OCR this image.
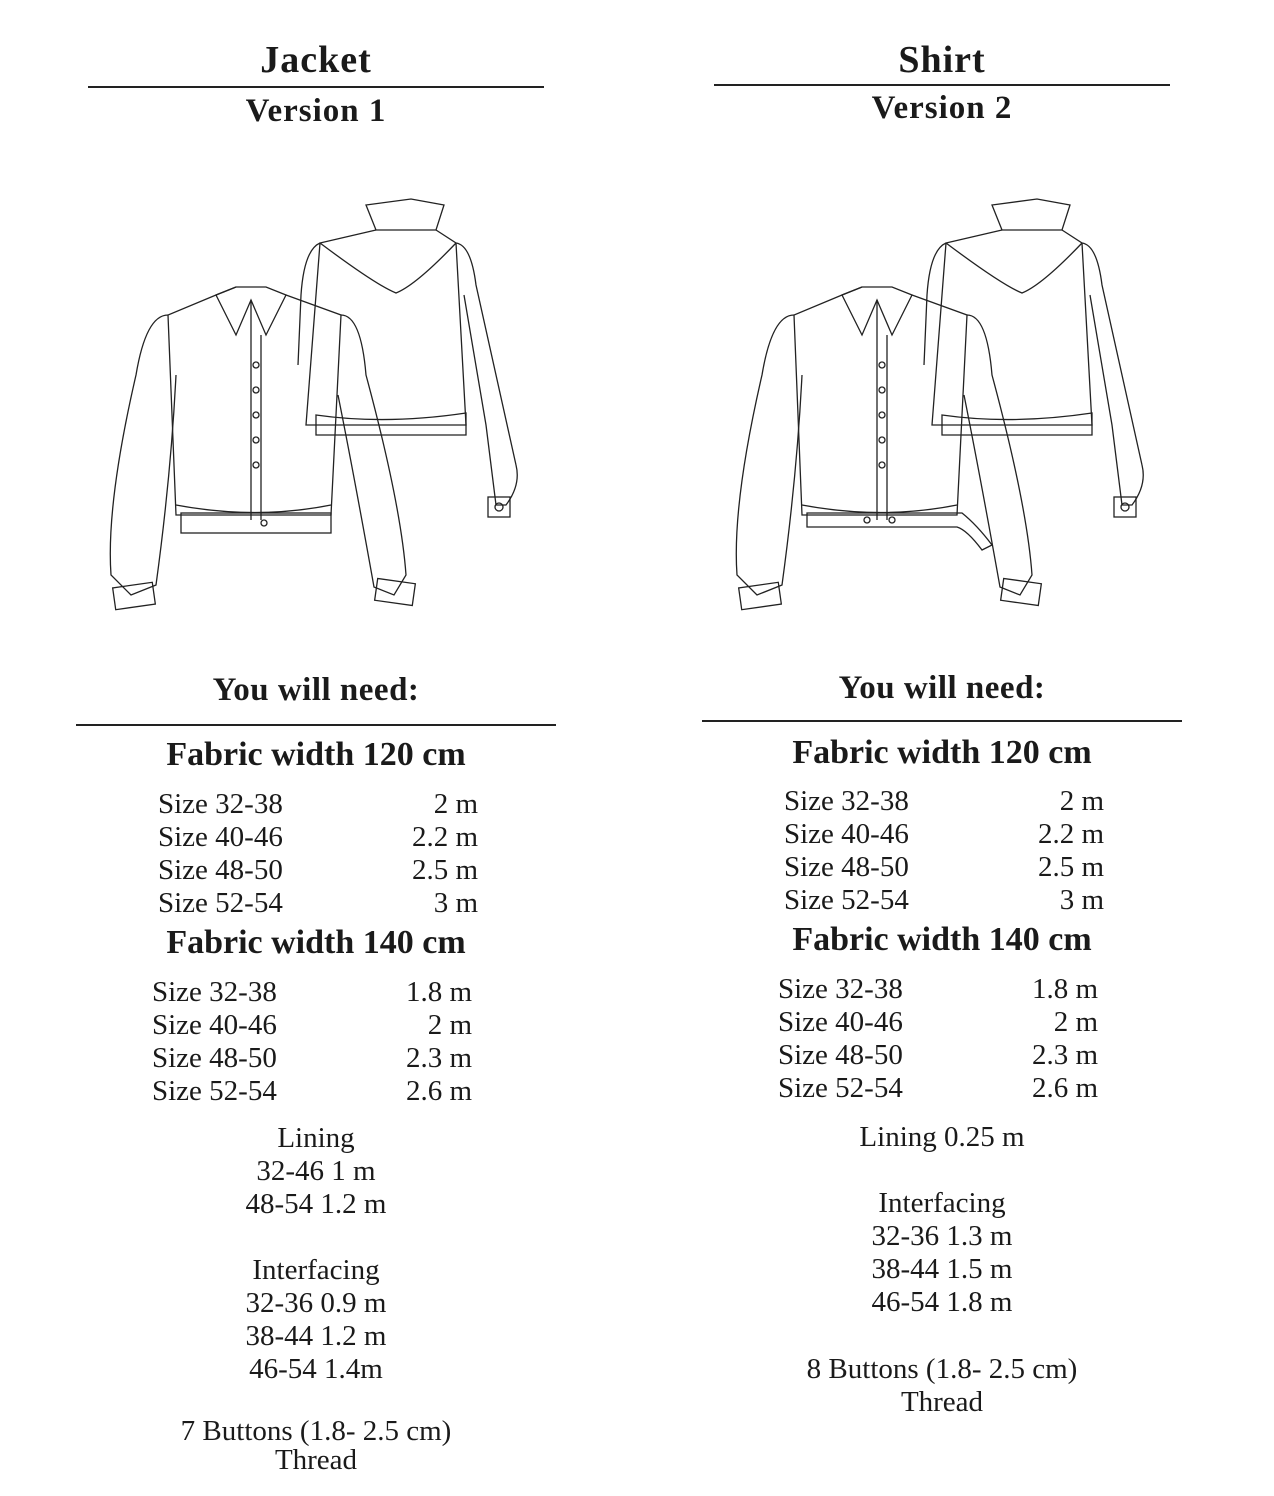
Jacket
Version 1
You will need:
Fabric width 120 cm
Size 32-38	2 m
Size 40-46	2.2 m
Size 48-50	2.5 m
Size 52-54	3 m
Fabric width 140 cm
Size 32-38	1.8 m
Size 40-46	2 m
Size 48-50	2.3 m
Size 52-54	2.6 m
Lining
32-46 1 m
48-54 1.2 m
Interfacing
32-36 0.9 m
38-44 1.2 m
46-54 1.4m
7 Buttons (1.8- 2.5 cm)
Thread
Shirt
Version 2
You will need:
Fabric width 120 cm
Size 32-38	2 m
Size 40-46	2.2 m
Size 48-50	2.5 m
Size 52-54	3 m
Fabric width 140 cm
Size 32-38	1.8 m
Size 40-46	2 m
Size 48-50	2.3 m
Size 52-54	2.6 m
Lining 0.25 m
Interfacing
32-36 1.3 m
38-44 1.5 m
46-54 1.8 m
8 Buttons (1.8- 2.5 cm)
Thread
